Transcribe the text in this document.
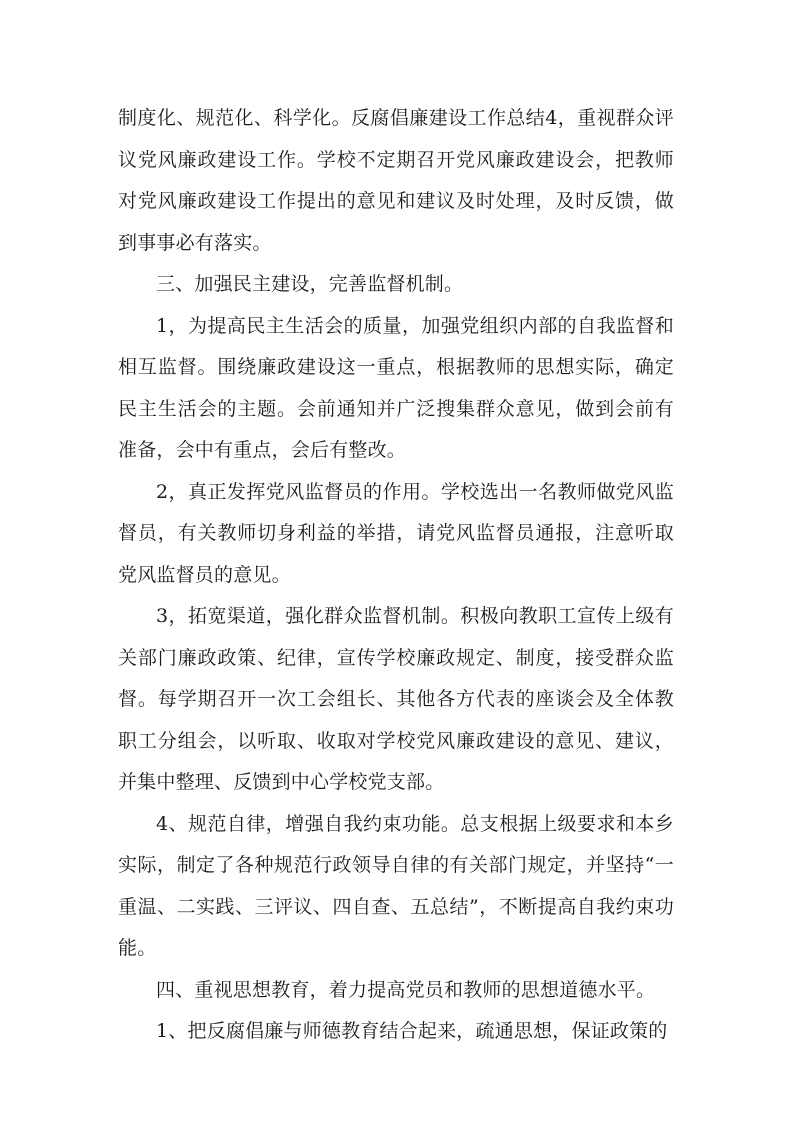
制度化、规范化、科学化。反腐倡廉建设工作总结4，重视群众评议党风廉政建设工作。学校不定期召开党风廉政建设会，把教师对党风廉政建设工作提出的意见和建议及时处理，及时反馈，做到事事必有落实。

三、加强民主建设，完善监督机制。

1，为提高民主生活会的质量，加强党组织内部的自我监督和相互监督。围绕廉政建设这一重点，根据教师的思想实际，确定民主生活会的主题。会前通知并广泛搜集群众意见，做到会前有准备，会中有重点，会后有整改。

2，真正发挥党风监督员的作用。学校选出一名教师做党风监督员，有关教师切身利益的举措，请党风监督员通报，注意听取党风监督员的意见。

3，拓宽渠道，强化群众监督机制。积极向教职工宣传上级有关部门廉政政策、纪律，宣传学校廉政规定、制度，接受群众监督。每学期召开一次工会组长、其他各方代表的座谈会及全体教职工分组会，以听取、收取对学校党风廉政建设的意见、建议，并集中整理、反馈到中心学校党支部。

4、规范自律，增强自我约束功能。总支根据上级要求和本乡实际，制定了各种规范行政领导自律的有关部门规定，并坚持“一重温、二实践、三评议、四自查、五总结”，不断提高自我约束功能。

四、重视思想教育，着力提高党员和教师的思想道德水平。

1、把反腐倡廉与师德教育结合起来，疏通思想，保证政策的
